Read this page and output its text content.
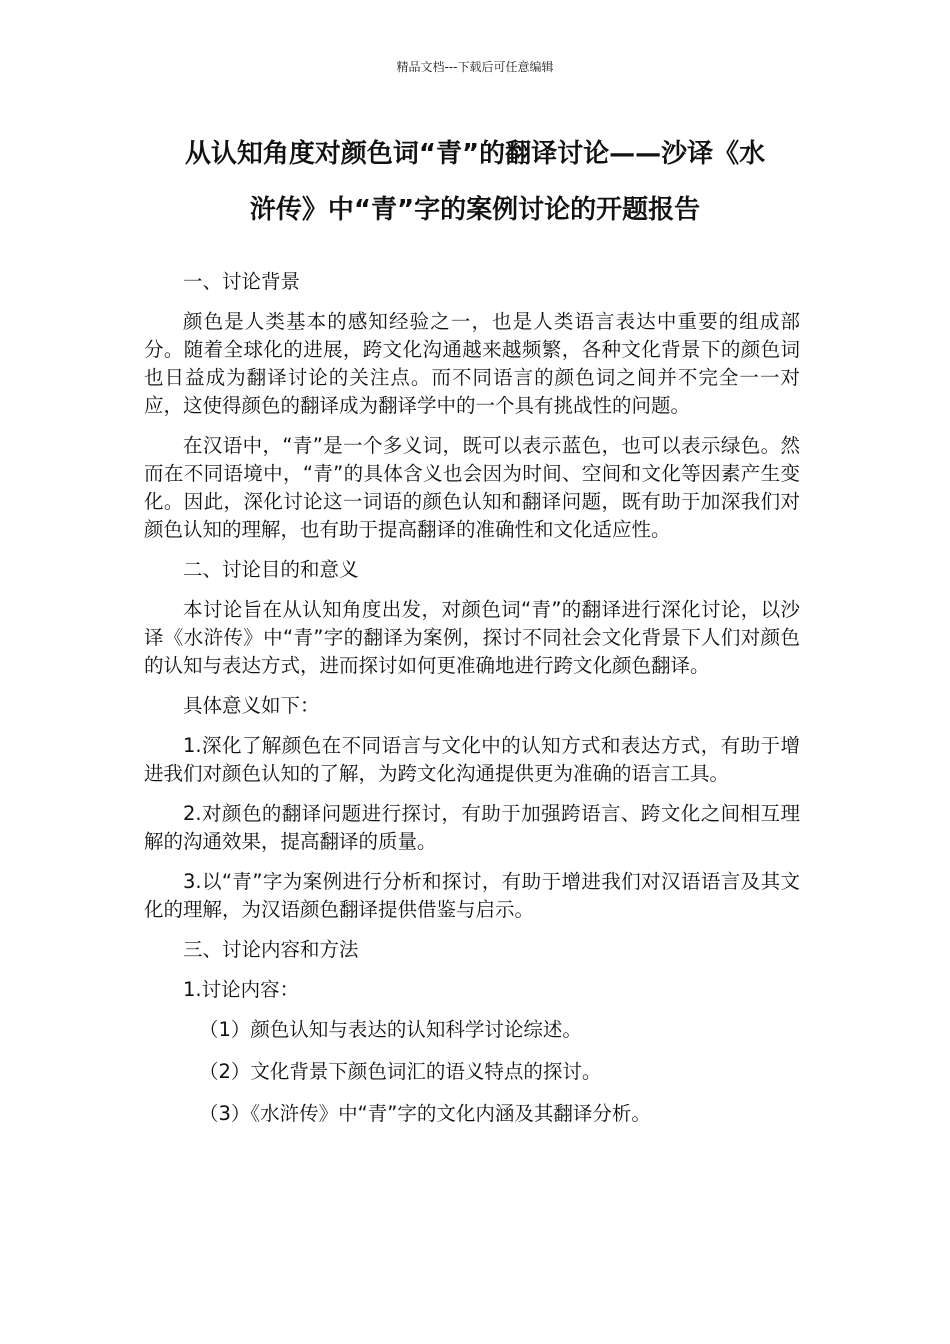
精品文档---下载后可任意编辑
从认知角度对颜色词“青”的翻译讨论——沙译《水
浒传》中“青”字的案例讨论的开题报告

一、讨论背景

颜色是人类基本的感知经验之一，也是人类语言表达中重要的组成部分。随着全球化的进展，跨文化沟通越来越频繁，各种文化背景下的颜色词也日益成为翻译讨论的关注点。而不同语言的颜色词之间并不完全一一对应，这使得颜色的翻译成为翻译学中的一个具有挑战性的问题。

在汉语中，“青”是一个多义词，既可以表示蓝色，也可以表示绿色。然而在不同语境中，“青”的具体含义也会因为时间、空间和文化等因素产生变化。因此，深化讨论这一词语的颜色认知和翻译问题，既有助于加深我们对颜色认知的理解，也有助于提高翻译的准确性和文化适应性。

二、讨论目的和意义

本讨论旨在从认知角度出发，对颜色词“青”的翻译进行深化讨论，以沙译《水浒传》中“青”字的翻译为案例，探讨不同社会文化背景下人们对颜色的认知与表达方式，进而探讨如何更准确地进行跨文化颜色翻译。

具体意义如下：

1.深化了解颜色在不同语言与文化中的认知方式和表达方式，有助于增进我们对颜色认知的了解，为跨文化沟通提供更为准确的语言工具。

2.对颜色的翻译问题进行探讨，有助于加强跨语言、跨文化之间相互理解的沟通效果，提高翻译的质量。

3.以“青”字为案例进行分析和探讨，有助于增进我们对汉语语言及其文化的理解，为汉语颜色翻译提供借鉴与启示。

三、讨论内容和方法

1.讨论内容：

（1）颜色认知与表达的认知科学讨论综述。

（2）文化背景下颜色词汇的语义特点的探讨。

（3）《水浒传》中“青”字的文化内涵及其翻译分析。
